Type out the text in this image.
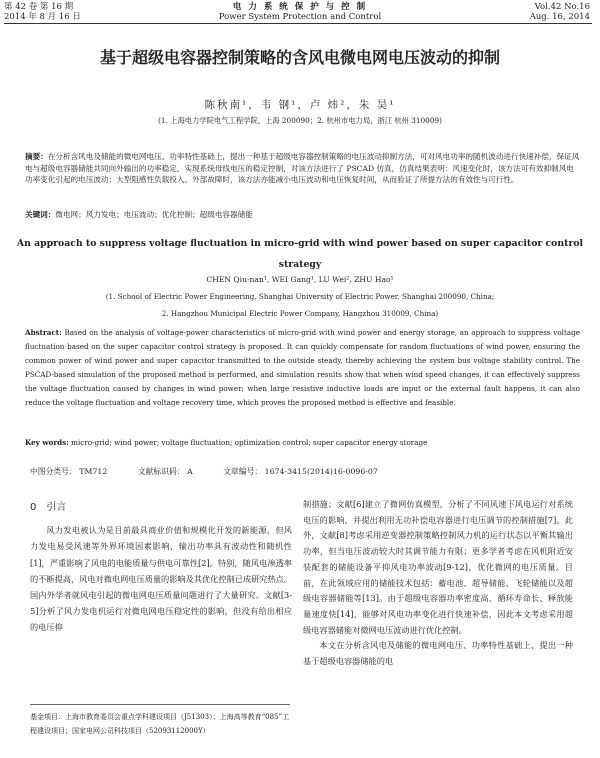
第 42 卷 第 16 期
2014 年 8 月 16 日
电 力 系 统 保 护 与 控 制
Power System Protection and Control
Vol.42 No.16
Aug. 16, 2014
基于超级电容器控制策略的含风电微电网电压波动的抑制
陈秋南¹，韦 钢¹，卢 炜²，朱 昊¹
(1. 上海电力学院电气工程学院，上海 200090；2. 杭州市电力局，浙江 杭州 310009)
摘要：在分析含风电及储能的微电网电压、功率特性基础上，提出一种基于超级电容器控制策略的电压波动抑制方法，可对风电功率的随机波动进行快速补偿，保证风电与超级电容器储能共同向外输出的功率稳定，实现系统母线电压的稳定控制，对该方法进行了 PSCAD 仿真，仿真结果表明：风速变化时，该方法可有效抑制风电功率变化引起的电压波动；大型阻感性负载投入、外部故障时，该方法亦能减小电压波动和电压恢复时间，从而验证了所提方法的有效性与可行性。
关键词：微电网；风力发电；电压波动；优化控制；超级电容器储能
An approach to suppress voltage fluctuation in micro-grid with wind power based on super capacitor control strategy
CHEN Qiu-nan¹, WEI Gang¹, LU Wei², ZHU Hao¹
(1. School of Electric Power Engineering, Shanghai University of Electric Power, Shanghai 200090, China;
2. Hangzhou Municipal Electric Power Company, Hangzhou 310009, China)
Abstract: Based on the analysis of voltage-power characteristics of micro-grid with wind power and energy storage, an approach to suppress voltage fluctuation based on the super capacitor control strategy is proposed. It can quickly compensate for random fluctuations of wind power, ensuring the common power of wind power and super capacitor transmitted to the outside steady, thereby achieving the system bus voltage stability control. The PSCAD-based simulation of the proposed method is performed, and simulation results show that when wind speed changes, it can effectively suppress the voltage fluctuation caused by changes in wind power; when large resistive inductive loads are input or the external fault happens, it can also reduce the voltage fluctuation and voltage recovery time, which proves the proposed method is effective and feasible.
Key words: micro-grid; wind power; voltage fluctuation; optimization control; super capacitor energy storage
中图分类号： TM712	文献标识码： A	文章编号： 1674-3415(2014)16-0096-07
0　引言

风力发电被认为是目前最具商业价值和规模化开发的新能源，但风力发电易受风速等外界环境因素影响，输出功率具有波动性和随机性[1]，严重影响了风电的电能质量与供电可靠性[2]。特别，随风电渗透率的不断提高，风电对微电网电压质量的影响及其优化控制已成研究热点。国内外学者就风电引起的微电网电压质量问题进行了大量研究。文献[3-5]分析了风力发电机运行对微电网电压稳定性的影响，但没有给出相应的电压抑

制措施；文献[6]建立了微网仿真模型，分析了不同风速下风电运行对系统电压的影响，并提出利用无功补偿电容器进行电压调节的控制措施[7]。此外，文献[8]考虑采用逆变器控制策略控制风力机的运行状态以平衡其输出功率，但当电压波动较大时其调节能力有限；更多学者考虑在风机附近安装配套的储能设备平抑风电功率波动[9-12]，优化微网的电压质量。目前，在此领域应用的储能技术包括：蓄电池、超导储能、飞轮储能以及超级电容器储能等[13]。由于超级电容器功率密度高、循环寿命长、释放能量速度快[14]，能够对风电功率变化进行快速补偿，因此本文考虑采用超级电容器储能对微网电压波动进行优化控制。

本文在分析含风电及储能的微电网电压、功率特性基础上，提出一种基于超级电容器储能的电

基金项目：上海市教育委员会重点学科建设项目（J51303）；上海高等教育“085”工程建设项目；国家电网公司科技项目（52093112000Y）
